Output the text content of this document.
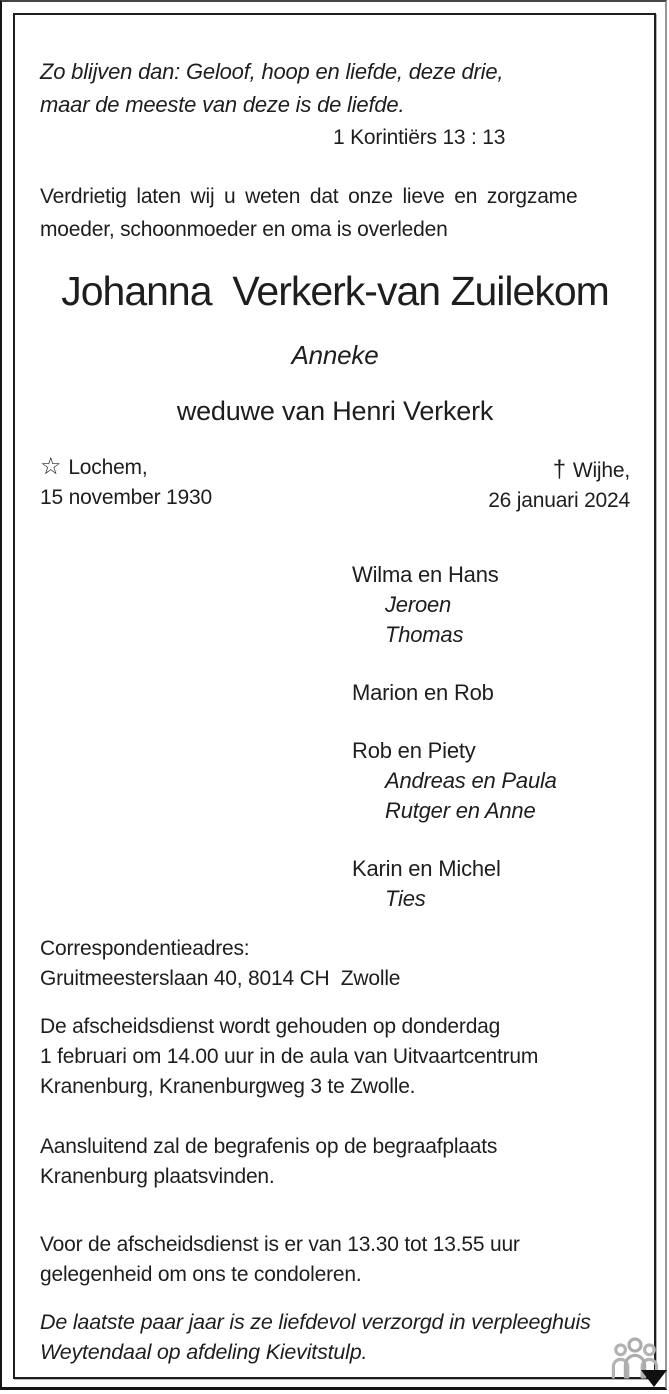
Zo blijven dan: Geloof, hoop en liefde, deze drie,
maar de meeste van deze is de liefde.
1 Korintiërs 13 : 13
Verdrietig laten wij u weten dat onze lieve en zorgzame
moeder, schoonmoeder en oma is overleden
Johanna  Verkerk-van Zuilekom
Anneke
weduwe van Henri Verkerk
☆ Lochem,
15 november 1930
† Wijhe,
26 januari 2024
Wilma en Hans
Jeroen
Thomas
Marion en Rob
Rob en Piety
Andreas en Paula
Rutger en Anne
Karin en Michel
Ties
Correspondentieadres:
Gruitmeesterslaan 40, 8014 CH  Zwolle
De afscheidsdienst wordt gehouden op donderdag
1 februari om 14.00 uur in de aula van Uitvaartcentrum
Kranenburg, Kranenburgweg 3 te Zwolle.
Aansluitend zal de begrafenis op de begraafplaats
Kranenburg plaatsvinden.
Voor de afscheidsdienst is er van 13.30 tot 13.55 uur
gelegenheid om ons te condoleren.
De laatste paar jaar is ze liefdevol verzorgd in verpleeghuis
Weytendaal op afdeling Kievitstulp.
